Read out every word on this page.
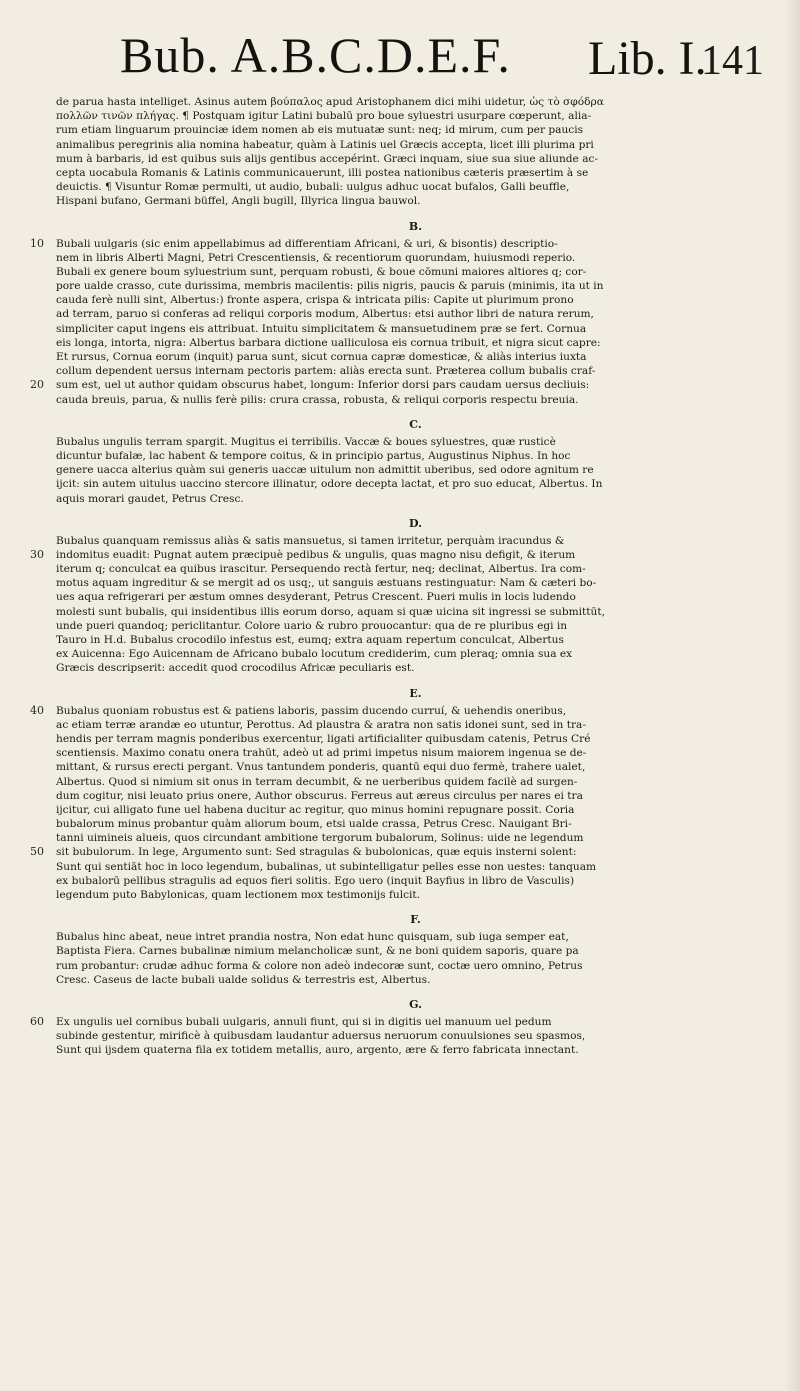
Bub. A.B.C.D.E.F. Lib. I.
141
de parua hasta intelliget. Asinus autem βούπαλος apud Aristophanem dici mihi uidetur, ὡς τὸ σφόδρα
πολλῶν τινῶν πλήγας. ¶ Postquam igitur Latini bubalū pro boue syluestri usurpare cœperunt, alia-
rum etiam linguarum prouinciæ idem nomen ab eis mutuatæ sunt: neq; id mirum, cum per paucis
animalibus peregrinis alia nomina habeatur, quàm à Latinis uel Græcis accepta, licet illi plurima pri
mum à barbaris, id est quibus suis alijs gentibus accepérint. Græci inquam, siue sua siue aliunde ac-
cepta uocabula Romanis & Latinis communicauerunt, illi postea nationibus cæteris præsertim à se
deuictis. ¶ Visuntur Romæ permulti, ut audio, bubali: uulgus adhuc uocat bufalos, Galli beuffle,
Hispani bufano, Germani büffel, Angli bugill, Illyrica lingua bauwol.
B.
10 Bubali uulgaris (sic enim appellabimus ad differentiam Africani, & uri, & bisontis) descriptio-
nem in libris Alberti Magni, Petri Crescentiensis, & recentiorum quorundam, huiusmodi reperio.
Bubali ex genere boum syluestrium sunt, perquam robusti, & boue cōmuni maiores altiores q; cor-
pore ualde crasso, cute durissima, membris macilentis: pilis nigris, paucis & paruis (minimis, ita ut in
cauda ferè nulli sint, Albertus:) fronte aspera, crispa & intricata pilis: Capite ut plurimum prono
ad terram, paruo si conferas ad reliqui corporis modum, Albertus: etsi author libri de natura rerum,
simpliciter caput ingens eis attribuat. Intuitu simplicitatem & mansuetudinem præ se fert. Cornua
eis longa, intorta, nigra: Albertus barbara dictione ualliculosa eis cornua tribuit, et nigra sicut capre:
Et rursus, Cornua eorum (inquit) parua sunt, sicut cornua capræ domesticæ, & aliàs interius iuxta
collum dependent uersus internam pectoris partem: aliàs erecta sunt. Præterea collum bubalis craf-
20 sum est, uel ut author quidam obscurus habet, longum: Inferior dorsi pars caudam uersus decliuis:
cauda breuis, parua, & nullis ferè pilis: crura crassa, robusta, & reliqui corporis respectu breuia.
C.
Bubalus ungulis terram spargit. Mugitus ei terribilis. Vaccæ & boues syluestres, quæ rusticè
dicuntur bufalæ, lac habent & tempore coitus, & in principio partus, Augustinus Niphus. In hoc
genere uacca alterius quàm sui generis uaccæ uitulum non admittit uberibus, sed odore agnitum re
ijcit: sin autem uitulus uaccino stercore illinatur, odore decepta lactat, et pro suo educat, Albertus. In
aquis morari gaudet, Petrus Cresc.
D.
Bubalus quanquam remissus aliàs & satis mansuetus, si tamen irritetur, perquàm iracundus &
30 indomitus euadit: Pugnat autem præcipuè pedibus & ungulis, quas magno nisu defigit, & iterum
iterum q; conculcat ea quibus irascitur. Persequendo rectà fertur, neq; declinat, Albertus. Ira com-
motus aquam ingreditur & se mergit ad os usq;, ut sanguis æstuans restinguatur: Nam & cæteri bo-
ues aqua refrigerari per æstum omnes desyderant, Petrus Crescent. Pueri mulis in locis ludendo
molesti sunt bubalis, qui insidentibus illis eorum dorso, aquam si quæ uicina sit ingressi se submittūt,
unde pueri quandoq; periclitantur. Colore uario & rubro prouocantur: qua de re pluribus egi in
Tauro in H.d. Bubalus crocodilo infestus est, eumq; extra aquam repertum conculcat, Albertus
ex Auicenna: Ego Auicennam de Africano bubalo locutum crediderim, cum pleraq; omnia sua ex
Græcis descripserit: accedit quod crocodilus Africæ peculiaris est.
E.
40 Bubalus quoniam robustus est & patiens laboris, passim ducendo curruí, & uehendis oneribus,
ac etiam terræ arandæ eo utuntur, Perottus. Ad plaustra & aratra non satis idonei sunt, sed in tra-
hendis per terram magnis ponderibus exercentur, ligati artificialiter quibusdam catenis, Petrus Cré
scentiensis. Maximo conatu onera trahūt, adeò ut ad primi impetus nisum maiorem ingenua se de-
mittant, & rursus erecti pergant. Vnus tantundem ponderis, quantū equi duo fermè, trahere ualet,
Albertus. Quod si nimium sit onus in terram decumbit, & ne uerberibus quidem facilè ad surgen-
dum cogitur, nisi leuato prius onere, Author obscurus. Ferreus aut æreus circulus per nares ei tra
ijcitur, cui alligato fune uel habena ducitur ac regitur, quo minus homini repugnare possit. Coria
bubalorum minus probantur quàm aliorum boum, etsi ualde crassa, Petrus Cresc. Nauigant Bri-
tanni uimineis alueis, quos circundant ambitione tergorum bubalorum, Solinus: uide ne legendum
50 sit bubulorum. In lege, Argumento sunt: Sed stragulas & bubolonicas, quæ equis insterni solent:
Sunt qui sentiāt hoc in loco legendum, bubalinas, ut subintelligatur pelles esse non uestes: tanquam
ex bubalorū pellibus stragulis ad equos fieri solitis. Ego uero (inquit Bayfius in libro de Vasculis)
legendum puto Babylonicas, quam lectionem mox testimonijs fulcit.
F.
Bubalus hinc abeat, neue intret prandia nostra, Non edat hunc quisquam, sub iuga semper eat,
Baptista Fiera. Carnes bubalinæ nimium melancholicæ sunt, & ne boni quidem saporis, quare pa
rum probantur: crudæ adhuc forma & colore non adeò indecoræ sunt, coctæ uero omnino, Petrus
Cresc. Caseus de lacte bubali ualde solidus & terrestris est, Albertus.
G.
60 Ex ungulis uel cornibus bubali uulgaris, annuli fiunt, qui si in digitis uel manuum uel pedum
subinde gestentur, mirificè à quibusdam laudantur aduersus neruorum conuulsiones seu spasmos,
Sunt qui ijsdem quaterna fila ex totidem metallis, auro, argento, ære & ferro fabricata innectant.
